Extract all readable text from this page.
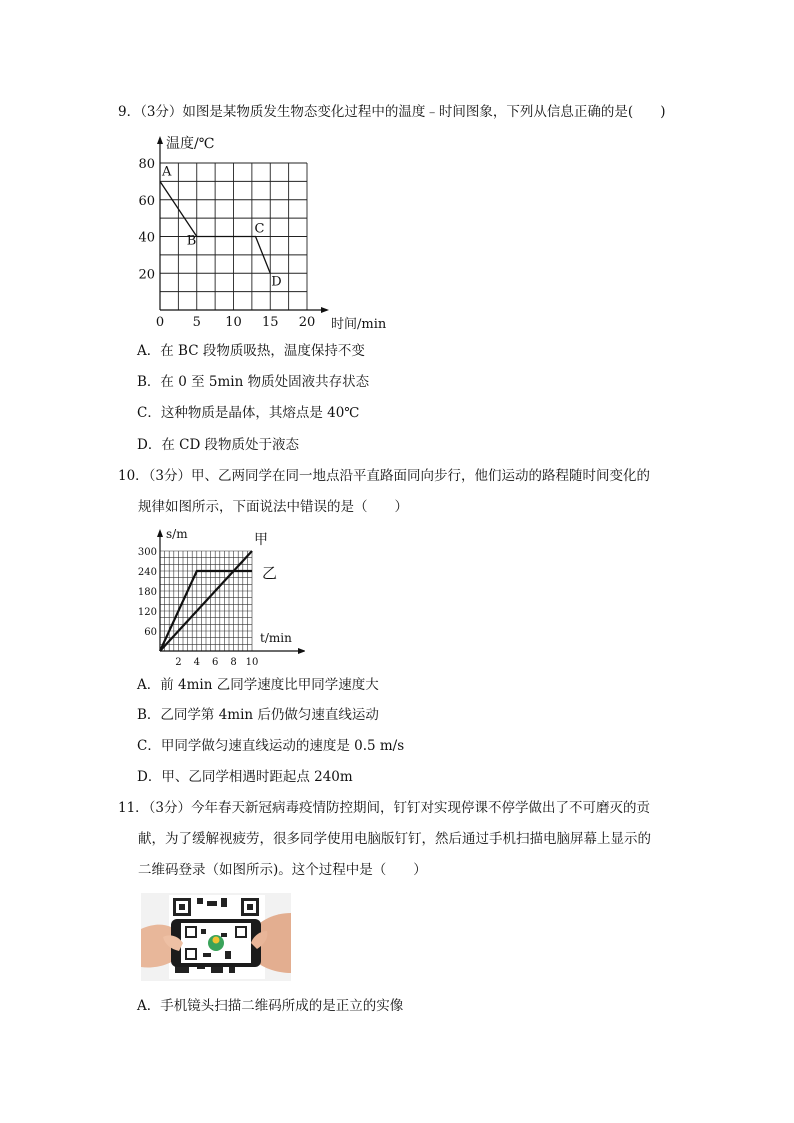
9．（3分）如图是某物质发生物态变化过程中的温度﹣时间图象，下列从信息正确的是(　　)
温度/℃
时间/min
0 5 10 15 20
20
40
60
80 A
B
C
D
A．在 BC 段物质吸热，温度保持不变
B．在 0 至 5min 物质处固液共存状态
C．这种物质是晶体，其熔点是 40℃
D．在 CD 段物质处于液态
10．（3分）甲、乙两同学在同一地点沿平直路面同向步行，他们运动的路程随时间变化的
规律如图所示，下面说法中错误的是（　　）
s/m
t/min
2 4 6 8 10
60
120
180
240
300
甲
乙
A．前 4min 乙同学速度比甲同学速度大
B．乙同学第 4min 后仍做匀速直线运动
C．甲同学做匀速直线运动的速度是 0.5 m/s
D．甲、乙同学相遇时距起点 240m
11．（3分）今年春天新冠病毒疫情防控期间，钉钉对实现停课不停学做出了不可磨灭的贡
献，为了缓解视疲劳，很多同学使用电脑版钉钉，然后通过手机扫描电脑屏幕上显示的
二维码登录（如图所示)。这个过程中是（　　）
A．手机镜头扫描二维码所成的是正立的实像
